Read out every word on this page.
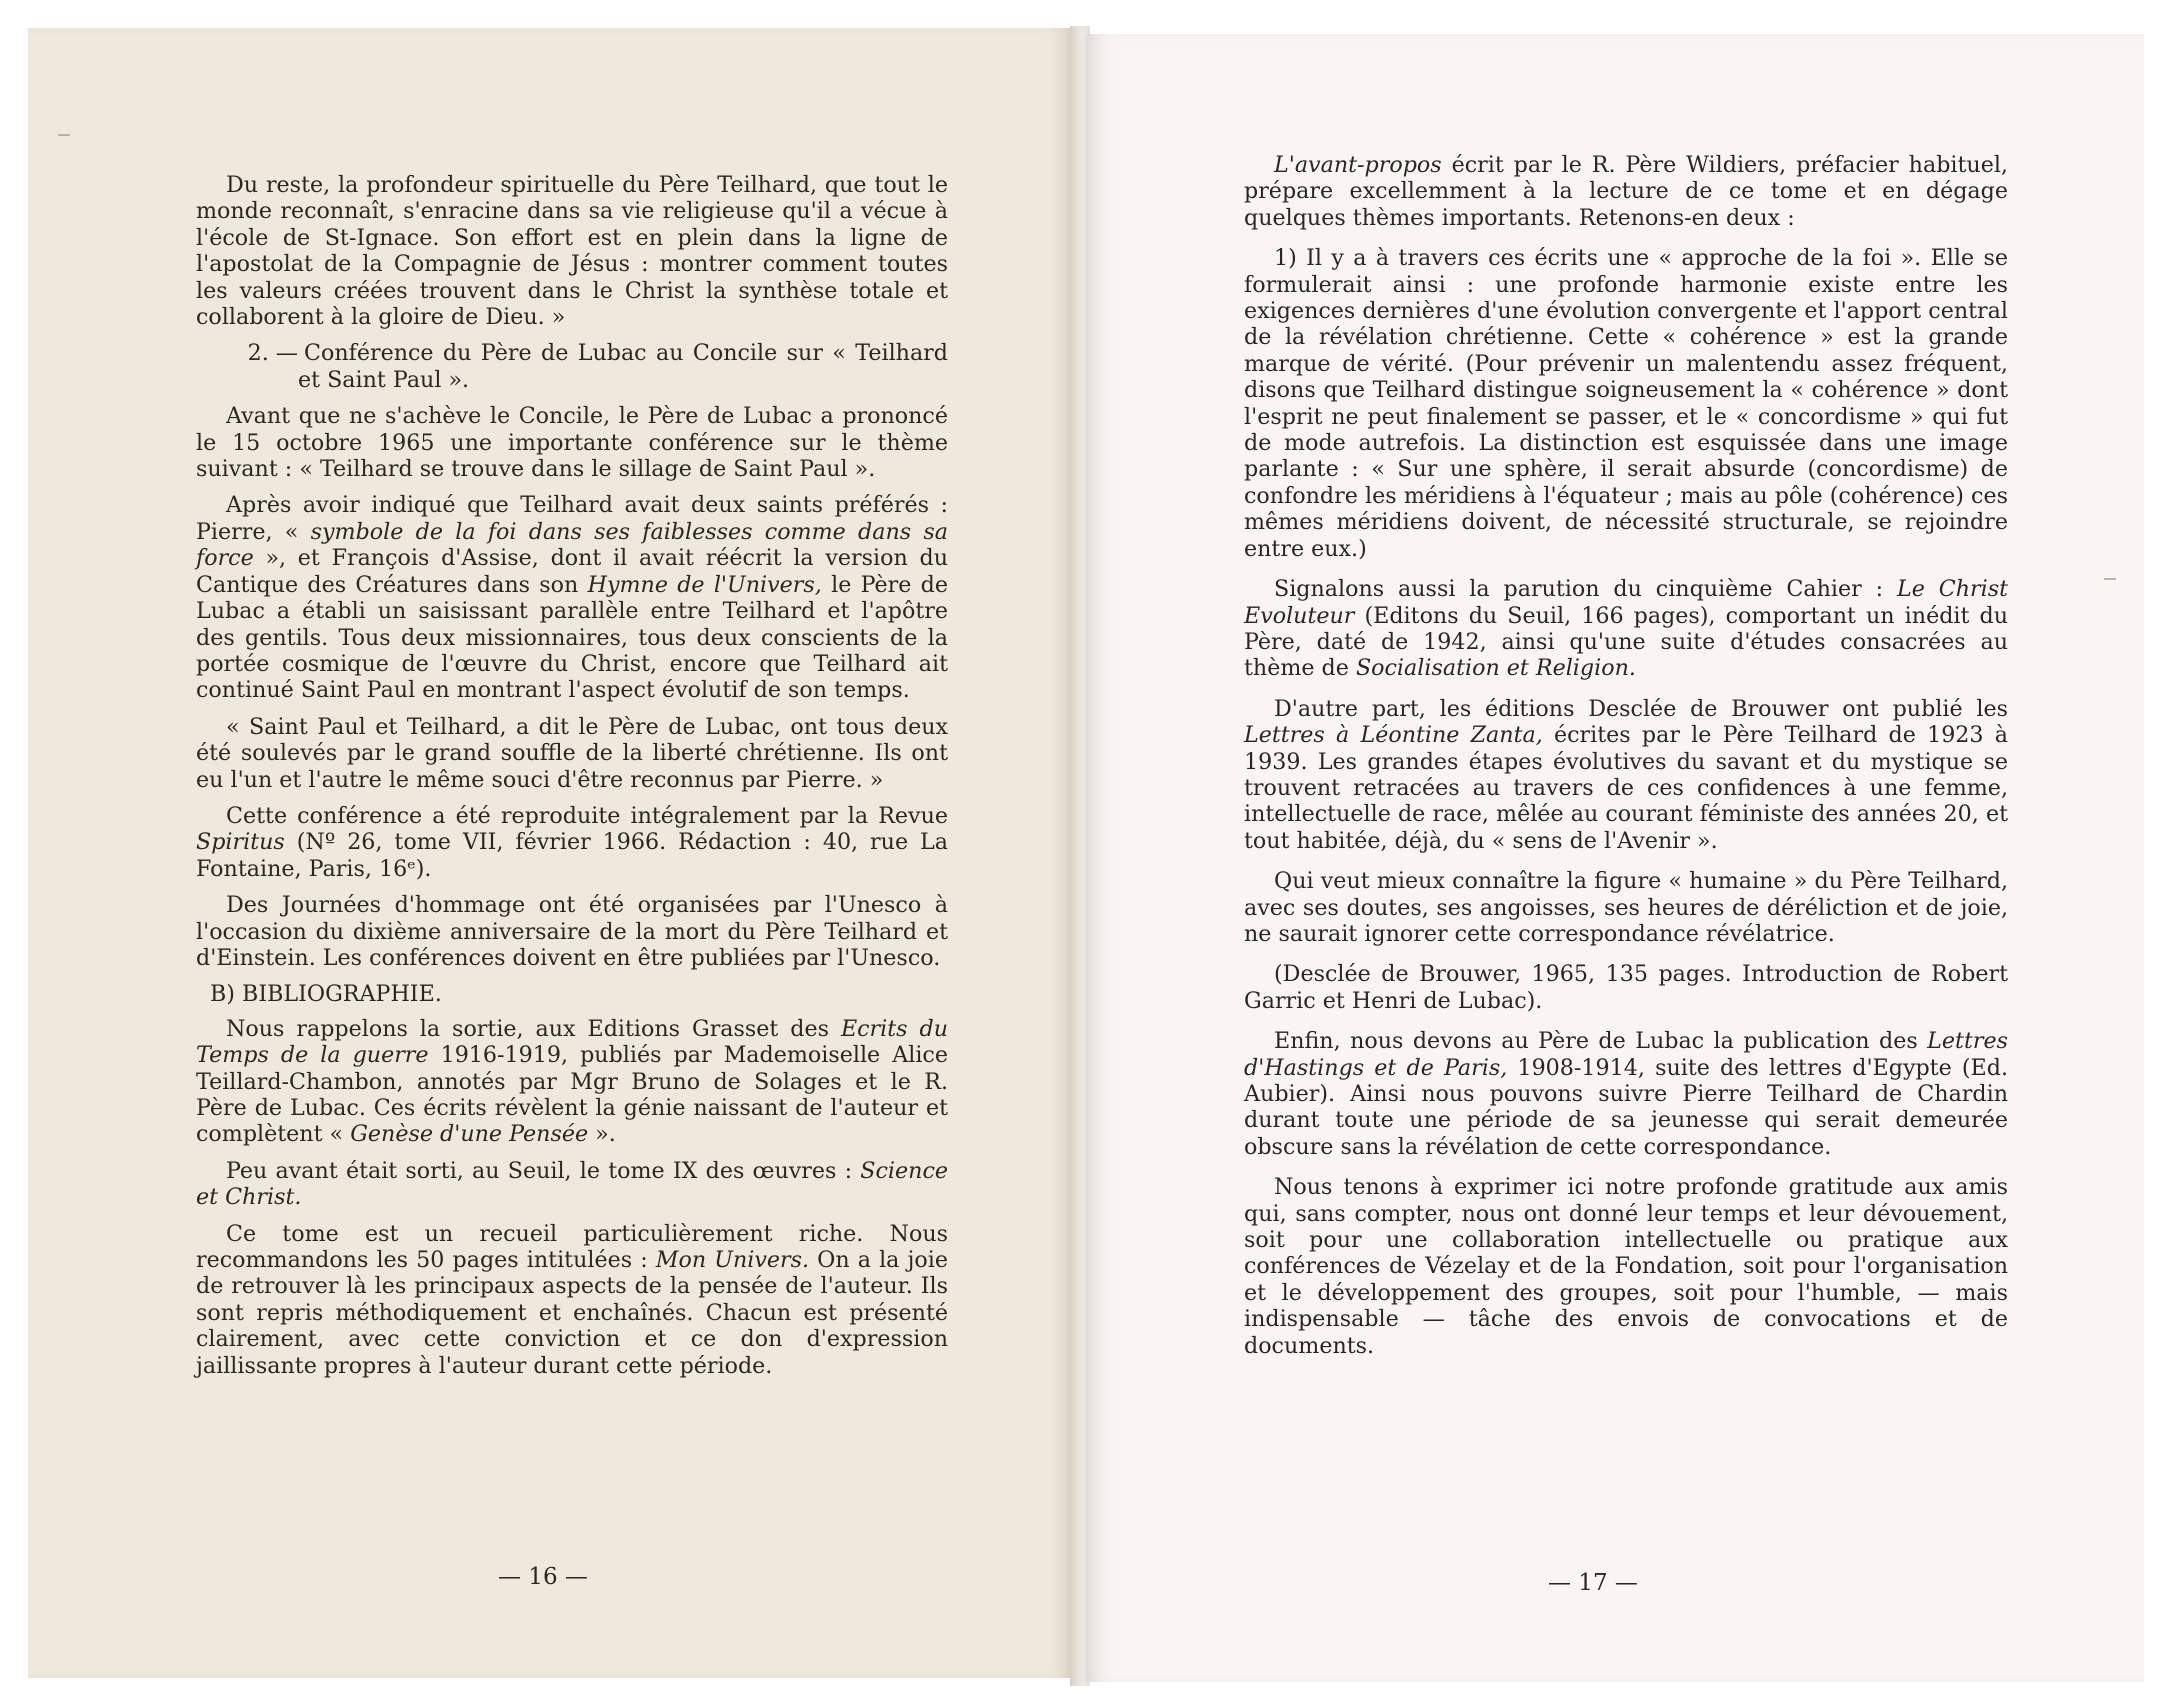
Du reste, la profondeur spirituelle du Père Teilhard, que tout le monde reconnaît, s'enracine dans sa vie religieuse qu'il a vécue à l'école de St-Ignace. Son effort est en plein dans la ligne de l'apostolat de la Compagnie de Jésus : montrer comment toutes les valeurs créées trouvent dans le Christ la synthèse totale et collaborent à la gloire de Dieu. »

2. — Conférence du Père de Lubac au Concile sur « Teilhard et Saint Paul ».

Avant que ne s'achève le Concile, le Père de Lubac a prononcé le 15 octobre 1965 une importante conférence sur le thème suivant : « Teilhard se trouve dans le sillage de Saint Paul ».

Après avoir indiqué que Teilhard avait deux saints préférés : Pierre, « symbole de la foi dans ses faiblesses comme dans sa force », et François d'Assise, dont il avait réécrit la version du Cantique des Créatures dans son Hymne de l'Univers, le Père de Lubac a établi un saisissant parallèle entre Teilhard et l'apôtre des gentils. Tous deux missionnaires, tous deux conscients de la portée cosmique de l'œuvre du Christ, encore que Teilhard ait continué Saint Paul en montrant l'aspect évolutif de son temps.

« Saint Paul et Teilhard, a dit le Père de Lubac, ont tous deux été soulevés par le grand souffle de la liberté chrétienne. Ils ont eu l'un et l'autre le même souci d'être reconnus par Pierre. »

Cette conférence a été reproduite intégralement par la Revue Spiritus (Nº 26, tome VII, février 1966. Rédaction : 40, rue La Fontaine, Paris, 16ᵉ).

Des Journées d'hommage ont été organisées par l'Unesco à l'occasion du dixième anniversaire de la mort du Père Teilhard et d'Einstein. Les conférences doivent en être publiées par l'Unesco.

B) BIBLIOGRAPHIE.

Nous rappelons la sortie, aux Editions Grasset des Ecrits du Temps de la guerre 1916-1919, publiés par Mademoiselle Alice Teillard-Chambon, annotés par Mgr Bruno de Solages et le R. Père de Lubac. Ces écrits révèlent la génie naissant de l'auteur et complètent « Genèse d'une Pensée ».

Peu avant était sorti, au Seuil, le tome IX des œuvres : Science et Christ.

Ce tome est un recueil particulièrement riche. Nous recommandons les 50 pages intitulées : Mon Univers. On a la joie de retrouver là les principaux aspects de la pensée de l'auteur. Ils sont repris méthodiquement et enchaînés. Chacun est présenté clairement, avec cette conviction et ce don d'expression jaillissante propres à l'auteur durant cette période.

— 16 —

L'avant-propos écrit par le R. Père Wildiers, préfacier habituel, prépare excellemment à la lecture de ce tome et en dégage quelques thèmes importants. Retenons-en deux :

1) Il y a à travers ces écrits une « approche de la foi ». Elle se formulerait ainsi : une profonde harmonie existe entre les exigences dernières d'une évolution convergente et l'apport central de la révélation chrétienne. Cette « cohérence » est la grande marque de vérité. (Pour prévenir un malentendu assez fréquent, disons que Teilhard distingue soigneusement la « cohérence » dont l'esprit ne peut finalement se passer, et le « concordisme » qui fut de mode autrefois. La distinction est esquissée dans une image parlante : « Sur une sphère, il serait absurde (concordisme) de confondre les méridiens à l'équateur ; mais au pôle (cohérence) ces mêmes méridiens doivent, de nécessité structurale, se rejoindre entre eux.)

Signalons aussi la parution du cinquième Cahier : Le Christ Evoluteur (Editons du Seuil, 166 pages), comportant un inédit du Père, daté de 1942, ainsi qu'une suite d'études consacrées au thème de Socialisation et Religion.

D'autre part, les éditions Desclée de Brouwer ont publié les Lettres à Léontine Zanta, écrites par le Père Teilhard de 1923 à 1939. Les grandes étapes évolutives du savant et du mystique se trouvent retracées au travers de ces confidences à une femme, intellectuelle de race, mêlée au courant féministe des années 20, et tout habitée, déjà, du « sens de l'Avenir ».

Qui veut mieux connaître la figure « humaine » du Père Teilhard, avec ses doutes, ses angoisses, ses heures de déréliction et de joie, ne saurait ignorer cette correspondance révélatrice.

(Desclée de Brouwer, 1965, 135 pages. Introduction de Robert Garric et Henri de Lubac).

Enfin, nous devons au Père de Lubac la publication des Lettres d'Hastings et de Paris, 1908-1914, suite des lettres d'Egypte (Ed. Aubier). Ainsi nous pouvons suivre Pierre Teilhard de Chardin durant toute une période de sa jeunesse qui serait demeurée obscure sans la révélation de cette correspondance.

Nous tenons à exprimer ici notre profonde gratitude aux amis qui, sans compter, nous ont donné leur temps et leur dévouement, soit pour une collaboration intellectuelle ou pratique aux conférences de Vézelay et de la Fondation, soit pour l'organisation et le développement des groupes, soit pour l'humble, — mais indispensable — tâche des envois de convocations et de documents.

— 17 —
